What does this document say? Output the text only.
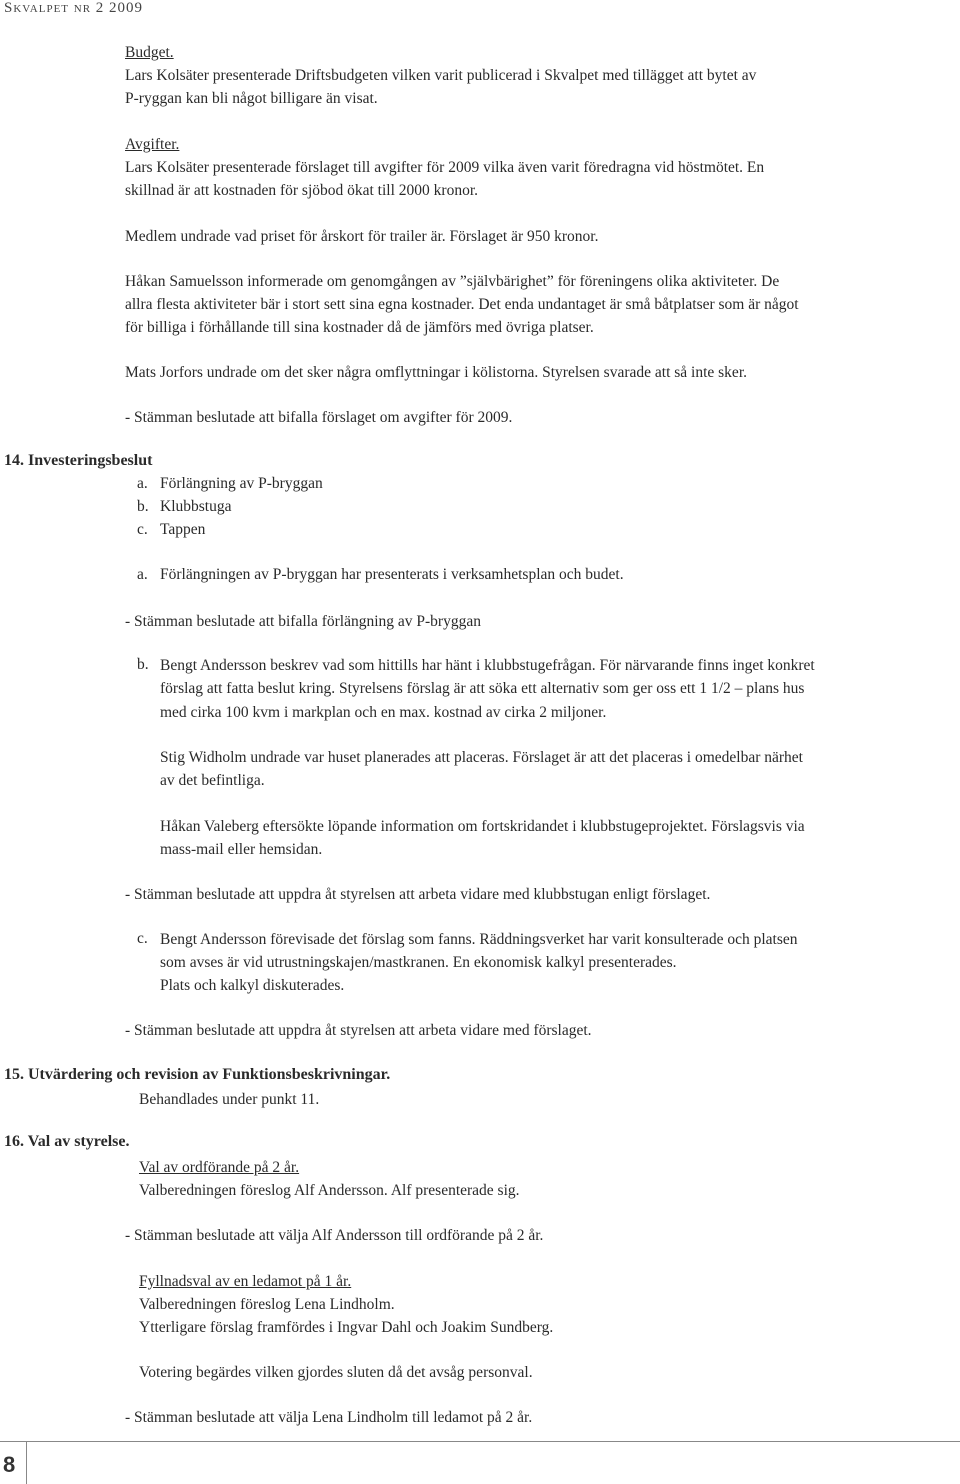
Skvalpet nr 2 2009
Budget.
Lars Kolsäter presenterade Driftsbudgeten vilken varit publicerad i Skvalpet med tillägget att bytet av
P-ryggan kan bli något billigare än visat.
Avgifter.
Lars Kolsäter presenterade förslaget till avgifter för 2009 vilka även varit föredragna vid höstmötet. En
skillnad är att kostnaden för sjöbod ökat till 2000 kronor.
Medlem undrade vad priset för årskort för trailer är. Förslaget är 950 kronor.
Håkan Samuelsson informerade om genomgången av ”självbärighet” för föreningens olika aktiviteter. De
allra flesta aktiviteter bär i stort sett sina egna kostnader. Det enda undantaget är små båtplatser som är något
för billiga i förhållande till sina kostnader då de jämförs med övriga platser.
Mats Jorfors undrade om det sker några omflyttningar i kölistorna. Styrelsen svarade att så inte sker.
- Stämman beslutade att bifalla förslaget om avgifter för 2009.
14. Investeringsbeslut
a. Förlängning av P-bryggan
b. Klubbstuga
c. Tappen
a. Förlängningen av P-bryggan har presenterats i verksamhetsplan och budet.
- Stämman beslutade att bifalla förlängning av P-bryggan
b. Bengt Andersson beskrev vad som hittills har hänt i klubbstugefrågan. För närvarande finns inget konkret
förslag att fatta beslut kring. Styrelsens förslag är att söka ett alternativ som ger oss ett 1 1/2 – plans hus
med cirka 100 kvm i markplan och en max. kostnad av cirka 2 miljoner.
Stig Widholm undrade var huset planerades att placeras. Förslaget är att det placeras i omedelbar närhet
av det befintliga.
Håkan Valeberg eftersökte löpande information om fortskridandet i klubbstugeprojektet. Förslagsvis via
mass-mail eller hemsidan.
- Stämman beslutade att uppdra åt styrelsen att arbeta vidare med klubbstugan enligt förslaget.
c. Bengt Andersson förevisade det förslag som fanns. Räddningsverket har varit konsulterade och platsen
som avses är vid utrustningskajen/mastkranen. En ekonomisk kalkyl presenterades.
Plats och kalkyl diskuterades.
- Stämman beslutade att uppdra åt styrelsen att arbeta vidare med förslaget.
15. Utvärdering och revision av Funktionsbeskrivningar.
Behandlades under punkt 11.
16. Val av styrelse.
Val av ordförande på 2 år.
Valberedningen föreslog Alf Andersson. Alf presenterade sig.
- Stämman beslutade att välja Alf Andersson till ordförande på 2 år.
Fyllnadsval av en ledamot på 1 år.
Valberedningen föreslog Lena Lindholm.
Ytterligare förslag framfördes i Ingvar Dahl och Joakim Sundberg.
Votering begärdes vilken gjordes sluten då det avsåg personval.
- Stämman beslutade att välja Lena Lindholm till ledamot på 2 år.
8
